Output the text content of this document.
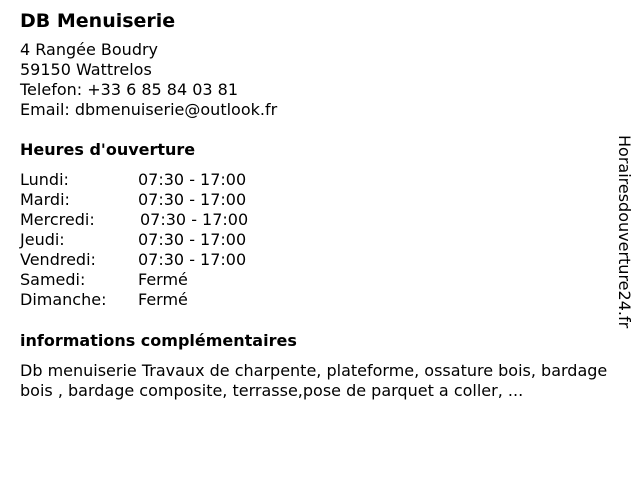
DB Menuiserie
4 Rangée Boudry
59150 Wattrelos
Telefon: +33 6 85 84 03 81
Email: dbmenuiserie@outlook.fr
Heures d'ouverture
Lundi:	07:30 - 17:00
Mardi:	07:30 - 17:00
Mercredi:	07:30 - 17:00
Jeudi:	07:30 - 17:00
Vendredi:	07:30 - 17:00
Samedi:	Fermé
Dimanche: Fermé
informations complémentaires
Db menuiserie Travaux de charpente, plateforme, ossature bois, bardage bois , bardage composite, terrasse,pose de parquet a coller, ...
Horairesdouverture24.fr
